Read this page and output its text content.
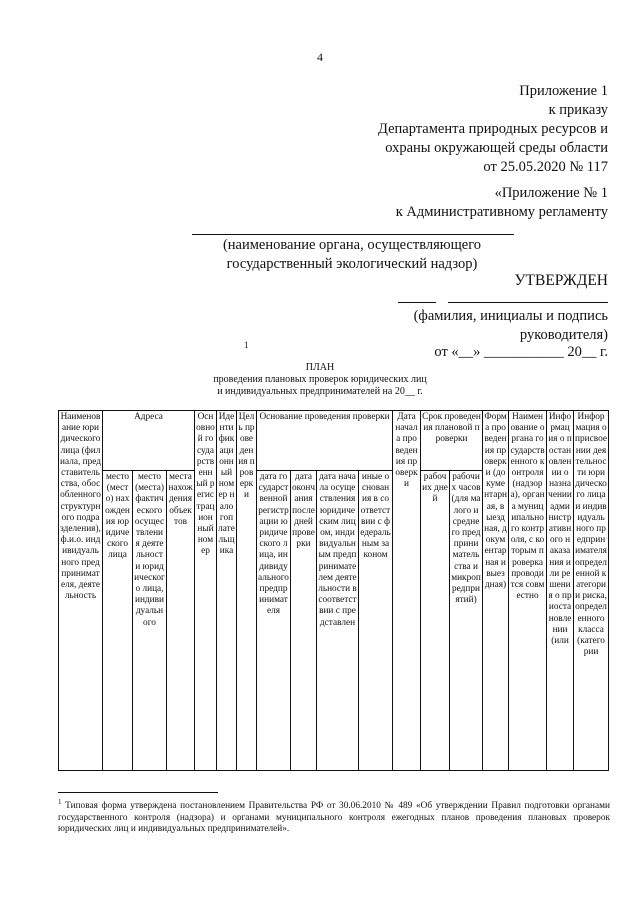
4
Приложение 1
к приказу
Департамента природных ресурсов и
охраны окружающей среды области
от 25.05.2020 № 117
«Приложение № 1
к Административному регламенту
(наименование органа, осуществляющего
государственный экологический надзор)
УТВЕРЖДЕН
(фамилия, инициалы и подпись
руководителя)
1	от «__» ___________ 20__ г.
ПЛАН
проведения плановых проверок юридических лиц
и индивидуальных предпринимателей на 20__ г.
Наименование юридического лица (филиала, представительства, обособленного структурного подразделения), ф.и.о. индивидуального предпринимателя, деятельность	Адреса			Основной государственный регистрационный номер	Идентификационный номер налогоплательщика	Цель проведения проверки	Основание проведения проверки				Дата начала проведения проверки	Срок проведения плановой проверки		Форма проведения проверки (документарная, выездная, документарная и выездная)	Наименование органа государственного контроля (надзора), органа муниципального контроля, с которым проверка проводится совместно	Информация о постановлении о назначении административного наказания или решения о приостановлении (или	Информация о присвоении деятельности юридического лица и индивидуального предпринимателя определенной категории риска, определенного класса (категории
	место (место) нахождения юридического лица	место (места) фактического осуществления деятельности юридического лица, индивидуального	места нахождения объектов				дата государственной регистрации юридического лица, индивидуального предпринимателя	дата окончания последней проверки	дата начала осуществления юридическим лицом, индивидуальным предпринимателем деятельности в соответствии с представлен	иные основания в соответствии с федеральным законом		рабочих дней	рабочих часов (для малого и среднего предпринимательства и микропредприятий)				
$^1$ Типовая форма утверждена постановлением Правительства РФ от 30.06.2010 № 489 «Об утверждении Правил подготовки органами государственного контроля (надзора) и органами муниципального контроля ежегодных планов проведения плановых проверок юридических лиц и индивидуальных предпринимателей».
